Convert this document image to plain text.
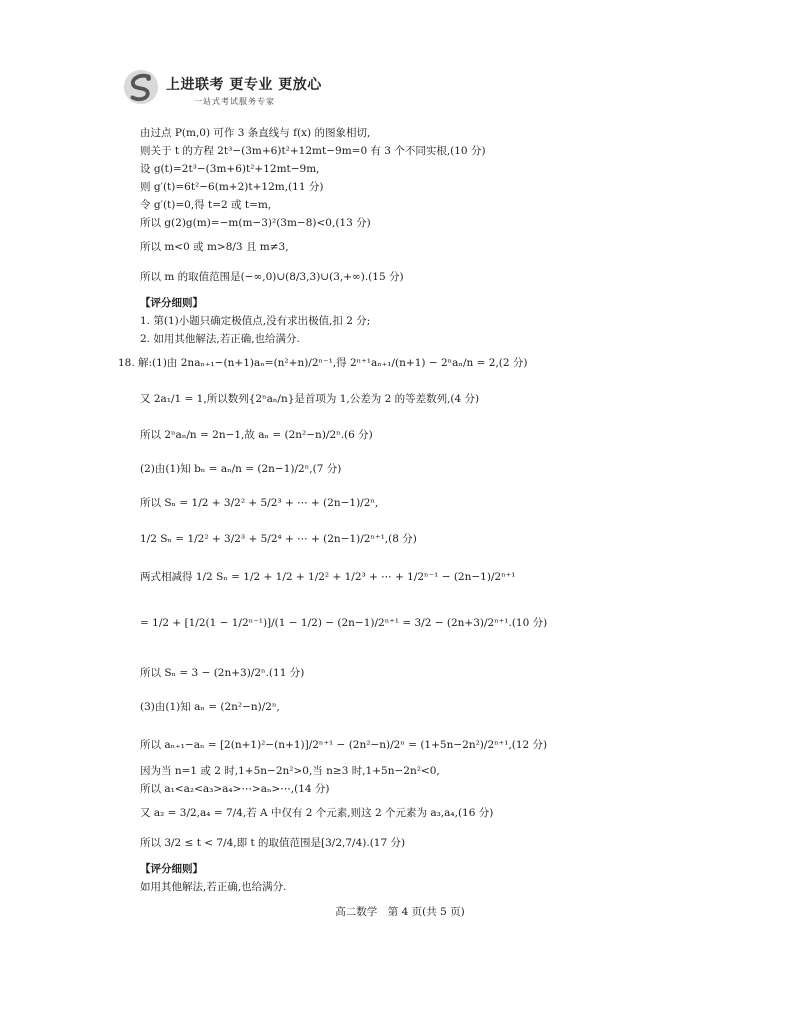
上进联考 更专业 更放心
一站式考试服务专家
由过点 P(m,0) 可作 3 条直线与 f(x) 的图象相切,
则关于 t 的方程 2t³−(3m+6)t²+12mt−9m=0 有 3 个不同实根,(10 分)
设 g(t)=2t³−(3m+6)t²+12mt−9m,
则 g′(t)=6t²−6(m+2)t+12m,(11 分)
令 g′(t)=0,得 t=2 或 t=m,
所以 g(2)g(m)=−m(m−3)²(3m−8)<0,(13 分)
所以 m<0 或 m>8/3 且 m≠3,
所以 m 的取值范围是(−∞,0)∪(8/3,3)∪(3,+∞).(15 分)
【评分细则】
1. 第(1)小题只确定极值点,没有求出极值,扣 2 分;
2. 如用其他解法,若正确,也给满分.
18. 解:(1)由 2naₙ₊₁−(n+1)aₙ=(n²+n)/2ⁿ⁻¹,得 2ⁿ⁺¹aₙ₊₁/(n+1) − 2ⁿaₙ/n = 2,(2 分)
又 2a₁/1 = 1,所以数列{2ⁿaₙ/n}是首项为 1,公差为 2 的等差数列,(4 分)
所以 2ⁿaₙ/n = 2n−1,故 aₙ = (2n²−n)/2ⁿ.(6 分)
(2)由(1)知 bₙ = aₙ/n = (2n−1)/2ⁿ,(7 分)
所以 Sₙ = 1/2 + 3/2² + 5/2³ + ⋯ + (2n−1)/2ⁿ,
1/2 Sₙ = 1/2² + 3/2³ + 5/2⁴ + ⋯ + (2n−1)/2ⁿ⁺¹,(8 分)
两式相减得 1/2 Sₙ = 1/2 + 1/2 + 1/2² + 1/2³ + ⋯ + 1/2ⁿ⁻¹ − (2n−1)/2ⁿ⁺¹
= 1/2 + [1/2(1 − 1/2ⁿ⁻¹)]/(1 − 1/2) − (2n−1)/2ⁿ⁺¹ = 3/2 − (2n+3)/2ⁿ⁺¹.(10 分)
所以 Sₙ = 3 − (2n+3)/2ⁿ.(11 分)
(3)由(1)知 aₙ = (2n²−n)/2ⁿ,
所以 aₙ₊₁−aₙ = [2(n+1)²−(n+1)]/2ⁿ⁺¹ − (2n²−n)/2ⁿ = (1+5n−2n²)/2ⁿ⁺¹,(12 分)
因为当 n=1 或 2 时,1+5n−2n²>0,当 n≥3 时,1+5n−2n²<0,
所以 a₁<a₂<a₃>a₄>⋯>aₙ>⋯,(14 分)
又 a₂ = 3/2,a₄ = 7/4,若 A 中仅有 2 个元素,则这 2 个元素为 a₃,a₄,(16 分)
所以 3/2 ≤ t < 7/4,即 t 的取值范围是[3/2,7/4).(17 分)
【评分细则】
如用其他解法,若正确,也给满分.
高二数学　第 4 页(共 5 页)
